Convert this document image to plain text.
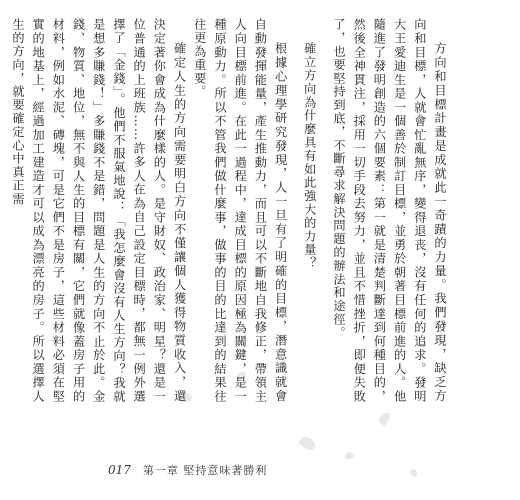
方向和目標計畫是成就此一奇蹟的力量。我們發現，缺乏方向和目標，人就會忙亂無序，變得退丧，沒有任何的追求。發明大王愛迪生是一個善於制訂目標，並勇於朝著目標前進的人。他隨進了發明創造的六個要素：第一就是清楚判斷達到何種目的，然後全神貫注，採用一切手段去努力，並且不惜挫折，即便失敗了，也要堅持到底，不斷尋求解決問題的辦法和途徑。

確立方向為什麼具有如此強大的力量？

根據心理學研究發現，人一旦有了明確的目標，潛意識就會自動發揮能量，產生推動力，而且可以不斷地自我修正，帶領主人向目標前進。在此一過程中，達成目標的原因極為關鍵，是一種原動力。所以不管我們做什麼事，做事的目的比達到的結果往往更為重要。

確定人生的方向需要明白方向不僅讓個人獲得物質收入，還決定著你會成為什麼樣的人。是守財奴、政治家、明星？還是一位普通的上班族……許多人在為自己設定目標時，都無一例外選擇了「金錢」。他們不服氣地說：「我怎麼會沒有人生方向？我就是想多賺錢！」多賺錢不是錯，問題是人生的方向不止於此。金錢、物質、地位，無不與人生的目標有關，它們就像蓋房子用的材料，例如水泥、磚塊，可是它們不是房子，這些材料必須在堅實的地基上，經過加工建造才可以成為漂亮的房子。所以選擇人生的方向，就要確定心中真正需

017 第一章 堅持意味著勝利
